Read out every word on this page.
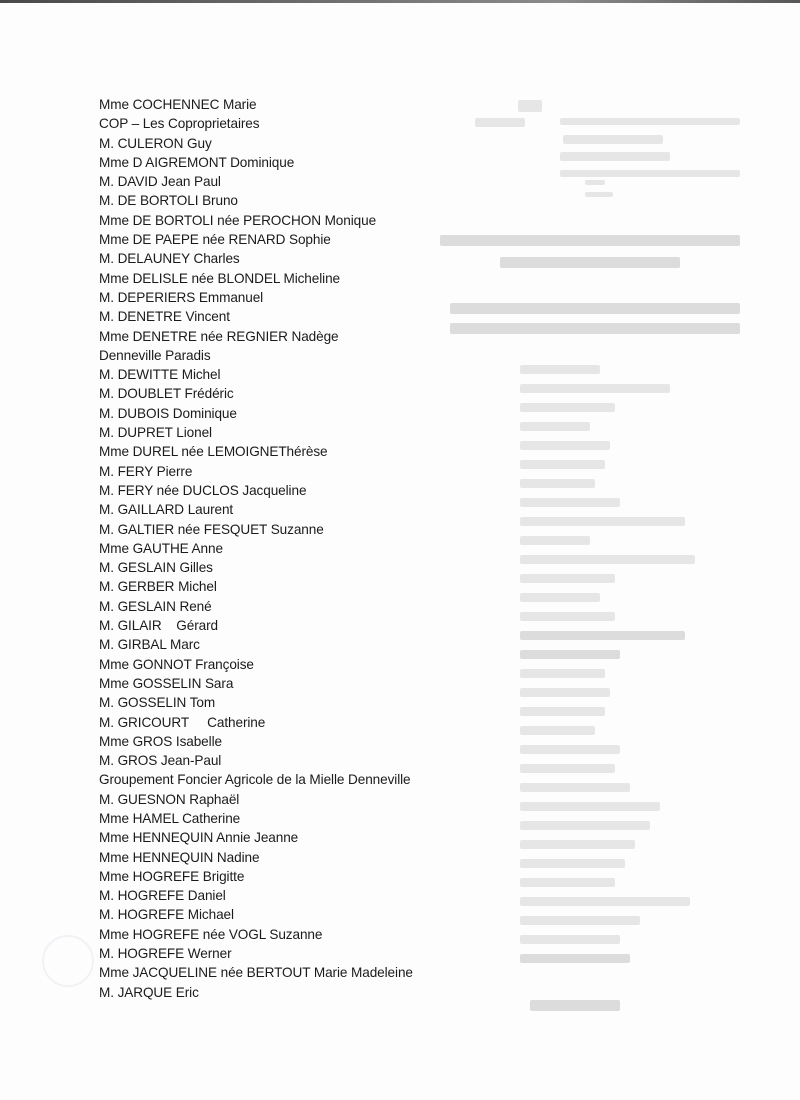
Mme COCHENNEC Marie
COP – Les Coproprietaires
M. CULERON Guy
Mme D AIGREMONT Dominique
M. DAVID Jean Paul
M. DE BORTOLI Bruno
Mme DE BORTOLI née PEROCHON Monique
Mme DE PAEPE née RENARD Sophie
M. DELAUNEY Charles
Mme DELISLE née BLONDEL Micheline
M. DEPERIERS Emmanuel
M. DENETRE Vincent
Mme DENETRE née REGNIER Nadège
Denneville Paradis
M. DEWITTE Michel
M. DOUBLET Frédéric
M. DUBOIS Dominique
M. DUPRET Lionel
Mme DUREL née LEMOIGNEThérèse
M. FERY Pierre
M. FERY née DUCLOS Jacqueline
M. GAILLARD Laurent
M. GALTIER née FESQUET Suzanne
Mme GAUTHE Anne
M. GESLAIN Gilles
M. GERBER Michel
M. GESLAIN René
M. GILAIR    Gérard
M. GIRBAL Marc
Mme GONNOT Françoise
Mme GOSSELIN Sara
M. GOSSELIN Tom
M. GRICOURT     Catherine
Mme GROS Isabelle
M. GROS Jean-Paul
Groupement Foncier Agricole de la Mielle Denneville
M. GUESNON Raphaël
Mme HAMEL Catherine
Mme HENNEQUIN Annie Jeanne
Mme HENNEQUIN Nadine
Mme HOGREFE Brigitte
M. HOGREFE Daniel
M. HOGREFE Michael
Mme HOGREFE née VOGL Suzanne
M. HOGREFE Werner
Mme JACQUELINE née BERTOUT Marie Madeleine
M. JARQUE Eric
